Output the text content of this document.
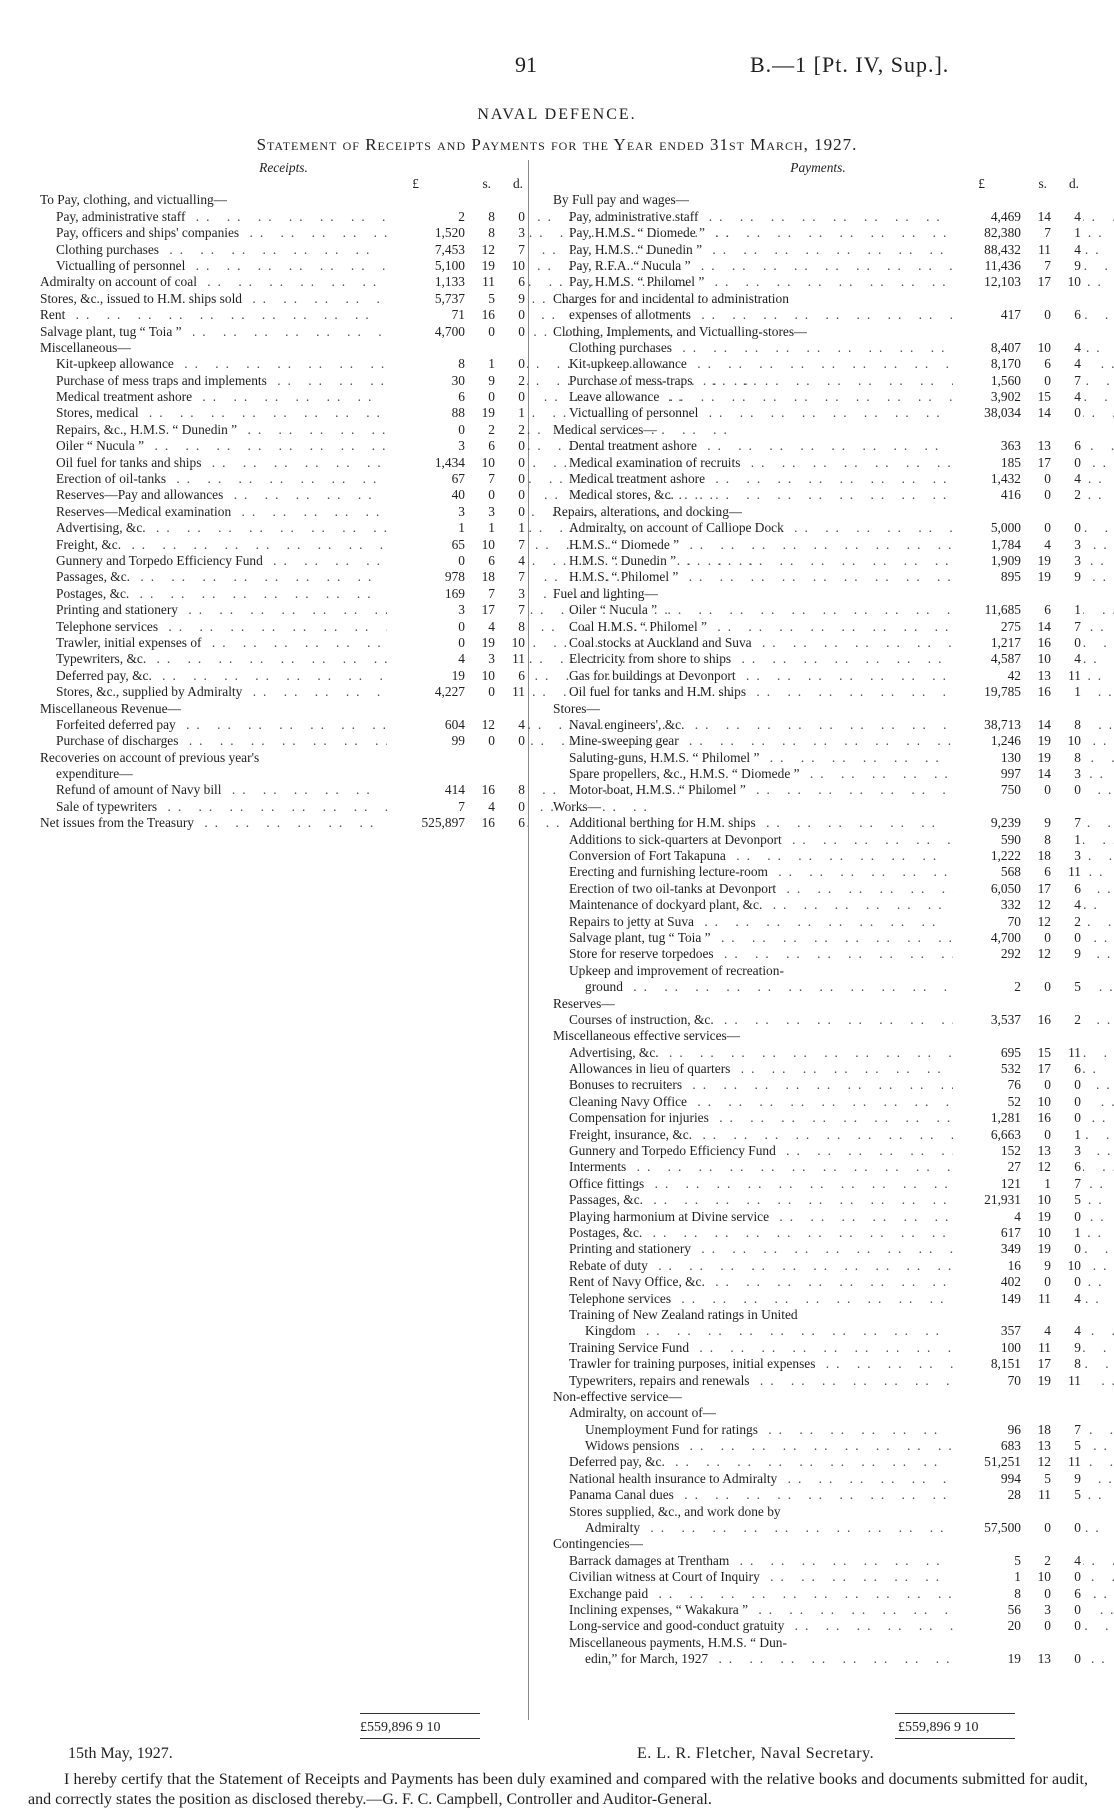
91	B.—1 [Pt. IV, Sup.].
NAVAL DEFENCE.
Statement of Receipts and Payments for the Year ended 31st March, 1927.
Receipts.
£	s. d.
To Pay, clothing, and victualling—
Pay, administrative staff .. ..	2	8	0
Pay, officers and ships' companies .. ..	1,520	8	3
Clothing purchases .. ..	7,453	12	7
Victualling of personnel .. ..	5,100	19	10
Admiralty on account of coal .. ..	1,133	11	6
Stores, &c., issued to H.M. ships sold .. ..	5,737	5	9
Rent .. ..	71	16	0
Salvage plant, tug “ Toia ” .. ..	4,700	0	0
Miscellaneous—
Kit-upkeep allowance .. ..	8	1	0
Purchase of mess traps and implements .. ..	30	9	2
Medical treatment ashore .. ..	6	0	0
Stores, medical .. ..	88	19	1
Repairs, &c., H.M.S. “ Dunedin ” .. ..	0	2	2
Oiler “ Nucula ” .. ..	3	6	0
Oil fuel for tanks and ships .. ..	1,434	10	0
Erection of oil-tanks .. ..	67	7	0
Reserves—Pay and allowances .. ..	40	0	0
Reserves—Medical examination .. ..	3	3	0
Advertising, &c. .. ..	1	1	1
Freight, &c. .. ..	65	10	7
Gunnery and Torpedo Efficiency Fund .. ..	0	6	4
Passages, &c. .. ..	978	18	7
Postages, &c. .. ..	169	7	3
Printing and stationery .. ..	3	17	7
Telephone services .. ..	0	4	8
Trawler, initial expenses of .. ..	0	19	10
Typewriters, &c. .. ..	4	3	11
Deferred pay, &c. .. ..	19	10	6
Stores, &c., supplied by Admiralty .. ..	4,227	0	11
Miscellaneous Revenue—
Forfeited deferred pay .. ..	604	12	4
Purchase of discharges .. ..	99	0	0
Recoveries on account of previous year's
expenditure—
Refund of amount of Navy bill .. ..	414	16	8
Sale of typewriters .. ..	7	4	0
Net issues from the Treasury .. ..	525,897	16	6
Payments.
£	s. d.
By Full pay and wages—
Pay, administrative staff .. ..	4,469	14	4
Pay, H.M.S. “ Diomede ” .. ..	82,380	7	1
Pay, H.M.S. “ Dunedin ” .. ..	88,432	11	4
Pay, R.F.A. “ Nucula ” .. ..	11,436	7	9
Pay, H.M.S. “ Philomel ” .. ..	12,103	17	10
Charges for and incidental to administration
expenses of allotments .. ..	417	0	6
Clothing, Implements, and Victualling-stores—
Clothing purchases .. ..	8,407	10	4
Kit-upkeep allowance .. ..	8,170	6	4
Purchase of mess-traps .. ..	1,560	0	7
Leave allowance .. ..	3,902	15	4
Victualling of personnel .. ..	38,034	14	0
Medical services—
Dental treatment ashore .. ..	363	13	6
Medical examination of recruits .. ..	185	17	0
Medical treatment ashore .. ..	1,432	0	4
Medical stores, &c. .. ..	416	0	2
Repairs, alterations, and docking—
Admiralty, on account of Calliope Dock .. ..	5,000	0	0
H.M.S. “ Diomede ” .. ..	1,784	4	3
H.M.S. “ Dunedin ” .. ..	1,909	19	3
H.M.S. “ Philomel ” .. ..	895	19	9
Fuel and lighting—
Oiler “ Nucula ” .. ..	11,685	6	1
Coal H.M.S. “ Philomel ” .. ..	275	14	7
Coal stocks at Auckland and Suva .. ..	1,217	16	0
Electricity from shore to ships .. ..	4,587	10	4
Gas for buildings at Devonport .. ..	42	13	11
Oil fuel for tanks and H.M. ships .. ..	19,785	16	1
Stores—
Naval engineers', &c. .. ..	38,713	14	8
Mine-sweeping gear .. ..	1,246	19	10
Saluting-guns, H.M.S. “ Philomel ” .. ..	130	19	8
Spare propellers, &c., H.M.S. “ Diomede ” .. ..	997	14	3
Motor-boat, H.M.S. “ Philomel ” .. ..	750	0	0
Works—
Additional berthing for H.M. ships .. ..	9,239	9	7
Additions to sick-quarters at Devonport .. ..	590	8	1
Conversion of Fort Takapuna .. ..	1,222	18	3
Erecting and furnishing lecture-room .. ..	568	6	11
Erection of two oil-tanks at Devonport .. ..	6,050	17	6
Maintenance of dockyard plant, &c. .. ..	332	12	4
Repairs to jetty at Suva .. ..	70	12	2
Salvage plant, tug “ Toia ” .. ..	4,700	0	0
Store for reserve torpedoes .. ..	292	12	9
Upkeep and improvement of recreation-
ground .. ..	2	0	5
Reserves—
Courses of instruction, &c. .. ..	3,537	16	2
Miscellaneous effective services—
Advertising, &c. .. ..	695	15	11
Allowances in lieu of quarters .. ..	532	17	6
Bonuses to recruiters .. ..	76	0	0
Cleaning Navy Office .. ..	52	10	0
Compensation for injuries .. ..	1,281	16	0
Freight, insurance, &c. .. ..	6,663	0	1
Gunnery and Torpedo Efficiency Fund .. ..	152	13	3
Interments .. ..	27	12	6
Office fittings .. ..	121	1	7
Passages, &c. .. ..	21,931	10	5
Playing harmonium at Divine service .. ..	4	19	0
Postages, &c. .. ..	617	10	1
Printing and stationery .. ..	349	19	0
Rebate of duty .. ..	16	9	10
Rent of Navy Office, &c. .. ..	402	0	0
Telephone services .. ..	149	11	4
Training of New Zealand ratings in United
Kingdom .. ..	357	4	4
Training Service Fund .. ..	100	11	9
Trawler for training purposes, initial expenses .. ..	8,151	17	8
Typewriters, repairs and renewals .. ..	70	19	11
Non-effective service—
Admiralty, on account of—
Unemployment Fund for ratings .. ..	96	18	7
Widows pensions .. ..	683	13	5
Deferred pay, &c. .. ..	51,251	12	11
National health insurance to Admiralty .. ..	994	5	9
Panama Canal dues .. ..	28	11	5
Stores supplied, &c., and work done by
Admiralty .. ..	57,500	0	0
Contingencies—
Barrack damages at Trentham .. ..	5	2	4
Civilian witness at Court of Inquiry .. ..	1	10	0
Exchange paid .. ..	8	0	6
Inclining expenses, “ Wakakura ” .. ..	56	3	0
Long-service and good-conduct gratuity .. ..	20	0	0
Miscellaneous payments, H.M.S. “ Dun-
edin,” for March, 1927 .. ..	19	13	0
£559,896 9 10	£559,896 9 10
15th May, 1927.	E. L. R. Fletcher, Naval Secretary.
I hereby certify that the Statement of Receipts and Payments has been duly examined and compared with the relative books and documents submitted for audit, and correctly states the position as disclosed thereby.—G. F. C. Campbell, Controller and Auditor-General.
